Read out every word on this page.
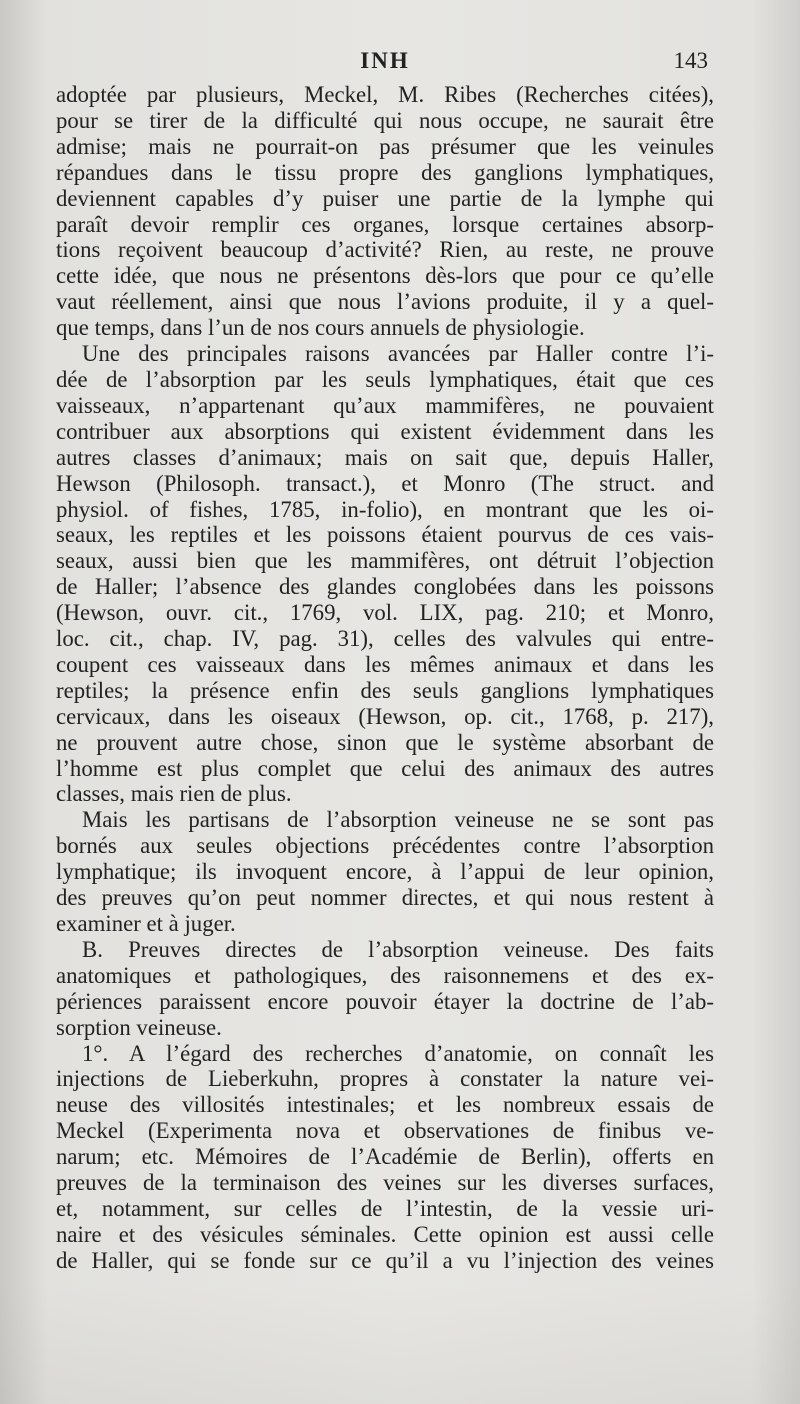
INH	143
adoptée par plusieurs, Meckel, M. Ribes (Recherches citées),
pour se tirer de la difficulté qui nous occupe, ne saurait être
admise; mais ne pourrait-on pas présumer que les veinules
répandues dans le tissu propre des ganglions lymphatiques,
deviennent capables d’y puiser une partie de la lymphe qui
paraît devoir remplir ces organes, lorsque certaines absorp-
tions reçoivent beaucoup d’activité? Rien, au reste, ne prouve
cette idée, que nous ne présentons dès-lors que pour ce qu’elle
vaut réellement, ainsi que nous l’avions produite, il y a quel-
que temps, dans l’un de nos cours annuels de physiologie.
Une des principales raisons avancées par Haller contre l’i-
dée de l’absorption par les seuls lymphatiques, était que ces
vaisseaux, n’appartenant qu’aux mammifères, ne pouvaient
contribuer aux absorptions qui existent évidemment dans les
autres classes d’animaux; mais on sait que, depuis Haller,
Hewson (Philosoph. transact.), et Monro (The struct. and
physiol. of fishes, 1785, in-folio), en montrant que les oi-
seaux, les reptiles et les poissons étaient pourvus de ces vais-
seaux, aussi bien que les mammifères, ont détruit l’objection
de Haller; l’absence des glandes conglobées dans les poissons
(Hewson, ouvr. cit., 1769, vol. LIX, pag. 210; et Monro,
loc. cit., chap. IV, pag. 31), celles des valvules qui entre-
coupent ces vaisseaux dans les mêmes animaux et dans les
reptiles; la présence enfin des seuls ganglions lymphatiques
cervicaux, dans les oiseaux (Hewson, op. cit., 1768, p. 217),
ne prouvent autre chose, sinon que le système absorbant de
l’homme est plus complet que celui des animaux des autres
classes, mais rien de plus.
Mais les partisans de l’absorption veineuse ne se sont pas
bornés aux seules objections précédentes contre l’absorption
lymphatique; ils invoquent encore, à l’appui de leur opinion,
des preuves qu’on peut nommer directes, et qui nous restent à
examiner et à juger.
B. Preuves directes de l’absorption veineuse. Des faits
anatomiques et pathologiques, des raisonnemens et des ex-
périences paraissent encore pouvoir étayer la doctrine de l’ab-
sorption veineuse.
1°. A l’égard des recherches d’anatomie, on connaît les
injections de Lieberkuhn, propres à constater la nature vei-
neuse des villosités intestinales; et les nombreux essais de
Meckel (Experimenta nova et observationes de finibus ve-
narum; etc. Mémoires de l’Académie de Berlin), offerts en
preuves de la terminaison des veines sur les diverses surfaces,
et, notamment, sur celles de l’intestin, de la vessie uri-
naire et des vésicules séminales. Cette opinion est aussi celle
de Haller, qui se fonde sur ce qu’il a vu l’injection des veines
